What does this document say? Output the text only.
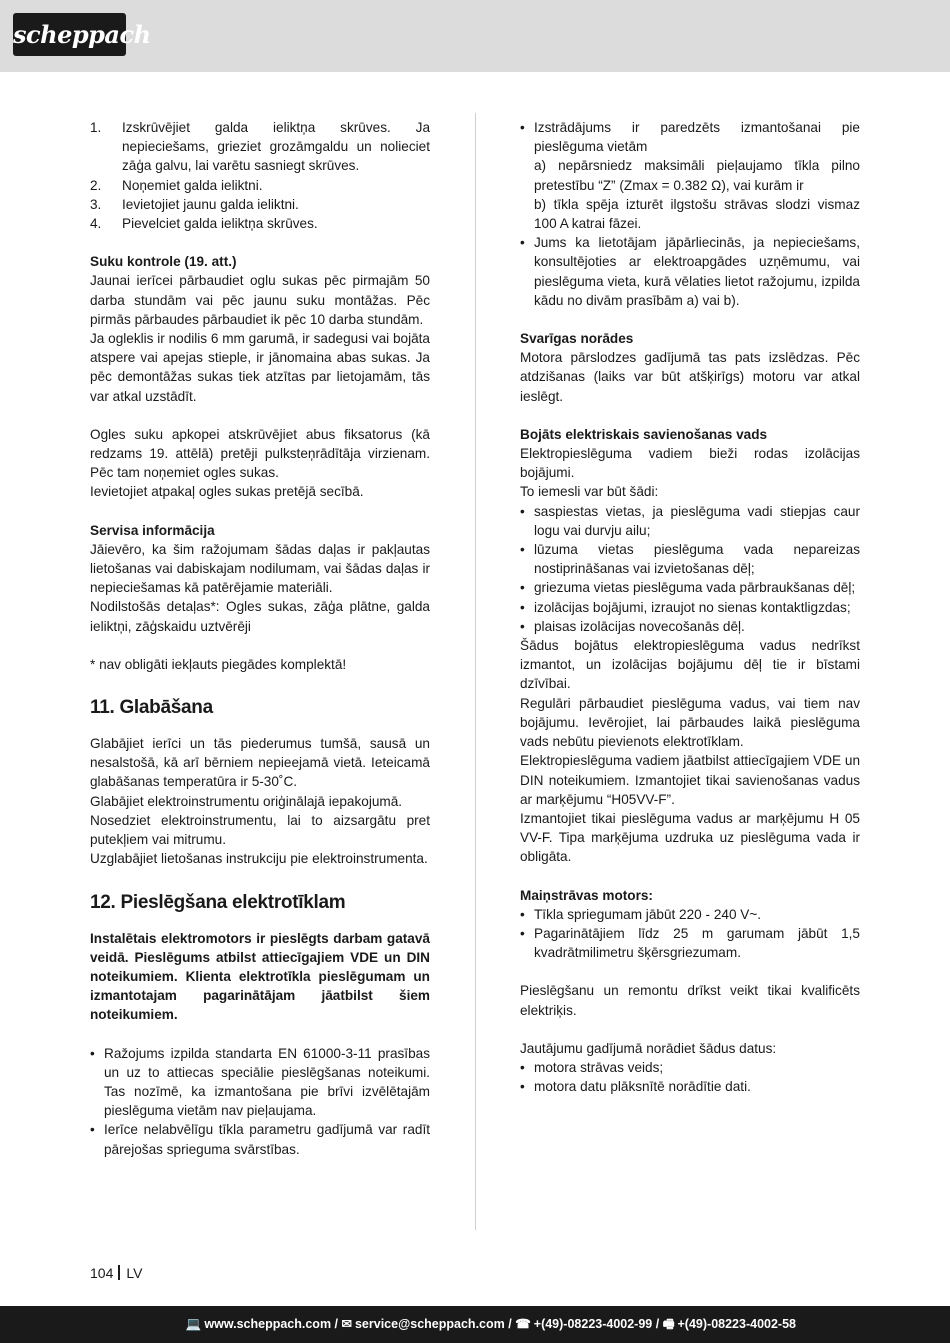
scheppach
1.	Izskrūvējiet galda ieliktņa skrūves. Ja nepieciešams, grieziet grozāmgaldu un nolieciet zāģa galvu, lai varētu sasniegt skrūves.
2.	Noņemiet galda ieliktni.
3.	Ievietojiet jaunu galda ieliktni.
4.	Pievelciet galda ieliktņa skrūves.
Suku kontrole (19. att.)
Jaunai ierīcei pārbaudiet oglu sukas pēc pirmajām 50 darba stundām vai pēc jaunu suku montāžas. Pēc pirmās pārbaudes pārbaudiet ik pēc 10 darba stundām.
Ja ogleklis ir nodilis 6 mm garumā, ir sadegusi vai bojāta atspere vai apejas stieple, ir jānomaina abas sukas. Ja pēc demontāžas sukas tiek atzītas par lietojamām, tās var atkal uzstādīt.
Ogles suku apkopei atskrūvējiet abus fiksatorus (kā redzams 19. attēlā) pretēji pulksteņrādītāja virzienam. Pēc tam noņemiet ogles sukas.
Ievietojiet atpakaļ ogles sukas pretējā secībā.
Servisa informācija
Jāievēro, ka šim ražojumam šādas daļas ir pakļautas lietošanas vai dabiskajam nodilumam, vai šādas daļas ir nepieciešamas kā patērējamie materiāli.
Nodilstošās detaļas*: Ogles sukas, zāģa plātne, galda ieliktņi, zāģskaidu uztvērēji
* nav obligāti iekļauts piegādes komplektā!
11. Glabāšana
Glabājiet ierīci un tās piederumus tumšā, sausā un nesalstošā, kā arī bērniem nepieejamā vietā. Ieteicamā glabāšanas temperatūra ir 5-30˚C.
Glabājiet elektroinstrumentu oriģinālajā iepakojumā.
Nosedziet elektroinstrumentu, lai to aizsargātu pret putekļiem vai mitrumu.
Uzglabājiet lietošanas instrukciju pie elektroinstrumenta.
12. Pieslēgšana elektrotīklam
Instalētais elektromotors ir pieslēgts darbam gatavā veidā. Pieslēgums atbilst attiecīgajiem VDE un DIN noteikumiem. Klienta elektrotīkla pieslēgumam un izmantotajam pagarinātājam jāatbilst šiem noteikumiem.
• Ražojums izpilda standarta EN 61000-3-11 prasības un uz to attiecas speciālie pieslēgšanas noteikumi. Tas nozīmē, ka izmantošana pie brīvi izvēlētajām pieslēguma vietām nav pieļaujama.
• Ierīce nelabvēlīgu tīkla parametru gadījumā var radīt pārejošas sprieguma svārstības.
• Izstrādājums ir paredzēts izmantošanai pie pieslēguma vietām
a) nepārsniedz maksimāli pieļaujamo tīkla pilno pretestību “Z” (Zmax = 0.382 Ω), vai kurām ir
b) tīkla spēja izturēt ilgstošu strāvas slodzi vismaz 100 A katrai fāzei.
• Jums ka lietotājam jāpārliecinās, ja nepieciešams, konsultējoties ar elektroapgādes uzņēmumu, vai pieslēguma vieta, kurā vēlaties lietot ražojumu, izpilda kādu no divām prasībām a) vai b).
Svarīgas norādes
Motora pārslodzes gadījumā tas pats izslēdzas. Pēc atdzišanas (laiks var būt atšķirīgs) motoru var atkal ieslēgt.
Bojāts elektriskais savienošanas vads
Elektropieslēguma vadiem bieži rodas izolācijas bojājumi.
To iemesli var būt šādi:
• saspiestas vietas, ja pieslēguma vadi stiepjas caur logu vai durvju ailu;
• lūzuma vietas pieslēguma vada nepareizas nostiprināšanas vai izvietošanas dēļ;
• griezuma vietas pieslēguma vada pārbraukšanas dēļ;
• izolācijas bojājumi, izraujot no sienas kontaktligzdas;
• plaisas izolācijas novecošanās dēļ.
Šādus bojātus elektropieslēguma vadus nedrīkst izmantot, un izolācijas bojājumu dēļ tie ir bīstami dzīvībai.
Regulāri pārbaudiet pieslēguma vadus, vai tiem nav bojājumu. Ievērojiet, lai pārbaudes laikā pieslēguma vads nebūtu pievienots elektrotīklam.
Elektropieslēguma vadiem jāatbilst attiecīgajiem VDE un DIN noteikumiem. Izmantojiet tikai savienošanas vadus ar marķējumu “H05VV-F”.
Izmantojiet tikai pieslēguma vadus ar marķējumu H 05 VV-F. Tipa marķējuma uzdruka uz pieslēguma vada ir obligāta.
Maiņstrāvas motors:
• Tīkla spriegumam jābūt 220 - 240 V~.
• Pagarinātājiem līdz 25 m garumam jābūt 1,5 kvadrātmilimetru šķērsgriezumam.
Pieslēgšanu un remontu drīkst veikt tikai kvalificēts elektriķis.
Jautājumu gadījumā norādiet šādus datus:
• motora strāvas veids;
• motora datu plāksnītē norādītie dati.
104 LV
💻 www.scheppach.com / ✉ service@scheppach.com / ☎ +(49)-08223-4002-99 / 🖷 +(49)-08223-4002-58
